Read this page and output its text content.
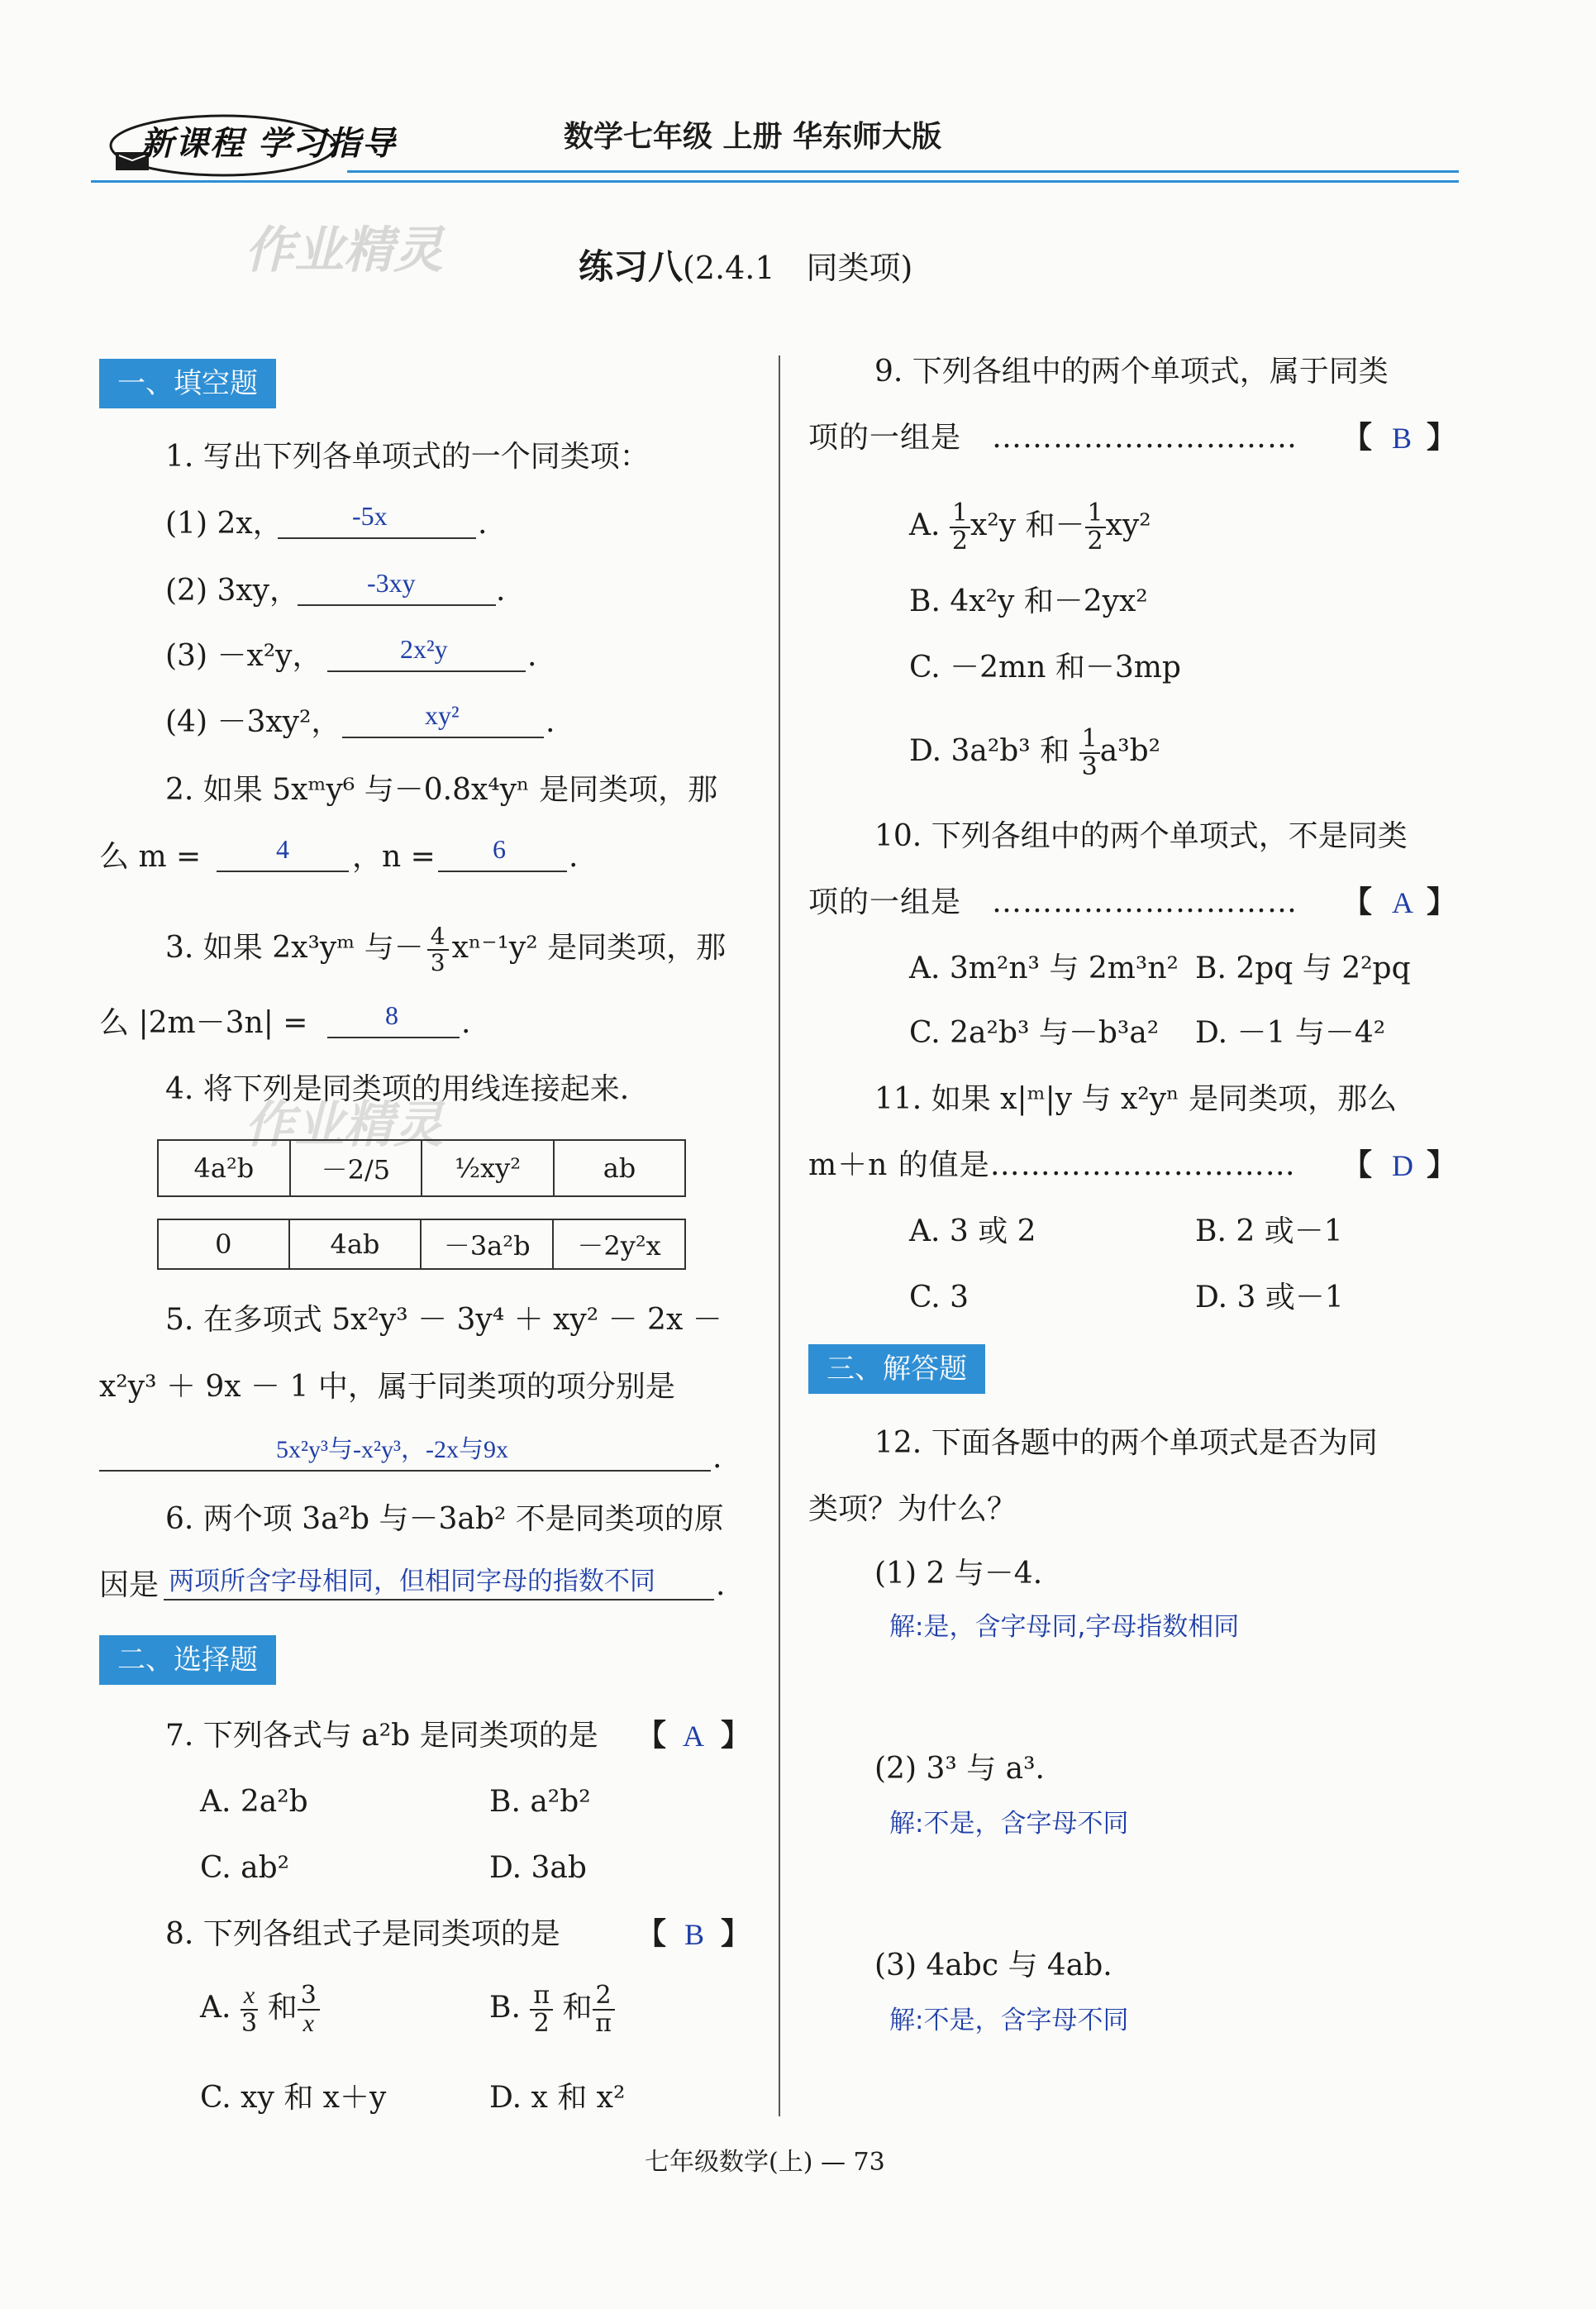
新课程 学习指导	数学七年级 上册 华东师大版
作业精灵	练习八(2.4.1　同类项)
一、填空题
1. 写出下列各单项式的一个同类项：
(1) 2x，	-5x	.
(2) 3xy，	-3xy	.
(3) －x²y，	2x²y	.
(4) －3xy²，	xy²	.
2. 如果 5xᵐy⁶ 与－0.8x⁴yⁿ 是同类项，那
么 m =	4 ，n = 6 .
3. 如果 2x³yᵐ 与－ $\frac{4}{3} x^{n-1}y^2$ 是同类项，那
么 |2m－3n| =	8 .
4. 将下列是同类项的用线连接起来.
作业精灵
4a²b	－2/5	½xy²	ab
0	4ab	－3a²b	－2y²x
5. 在多项式 5x²y³ － 3y⁴ ＋ xy² － 2x －
x²y³ ＋ 9x － 1 中，属于同类项的项分别是
5x²y³与-x²y³，-2x与9x	.
6. 两个项 3a²b 与－3ab² 不是同类项的原
因是 两项所含字母相同，但相同字母的指数不同 .
二、选择题
7. 下列各式与 a²b 是同类项的是 【 A 】
A. 2a²b	B. a²b²
C. ab²	D. 3ab
8. 下列各组式子是同类项的是	【 B 】
A. $\frac{x}{3}$ 和 $\frac{3}{x}$	B. $\frac{\pi}{2}$ 和 $\frac{2}{\pi}$
C. xy 和 x＋y	D. x 和 x²
9. 下列各组中的两个单项式，属于同类
项的一组是　………………………… 【 B 】
A. $\frac{1}{2} x^2y$ 和－ $\frac{1}{2} xy^2$
B. 4x²y 和－2yx²
C. －2mn 和－3mp
D. 3a²b³ 和 $\frac{1}{3} a^3b^2$
10. 下列各组中的两个单项式，不是同类
项的一组是　………………………… 【 A 】
A. 3m²n³ 与 2m³n² B. 2pq 与 2²pq
C. 2a²b³ 与－b³a² D. －1 与－4²
11. 如果 x|ᵐ|y 与 x²yⁿ 是同类项，那么
m＋n 的值是………………………… 【 D 】
A. 3 或 2	B. 2 或－1
C. 3	D. 3 或－1
三、解答题
12. 下面各题中的两个单项式是否为同
类项？为什么？
(1) 2 与－4.
解:是，含字母同,字母指数相同
(2) 3³ 与 a³.
解:不是，含字母不同
(3) 4abc 与 4ab.
解:不是，含字母不同
七年级数学(上) — 73
